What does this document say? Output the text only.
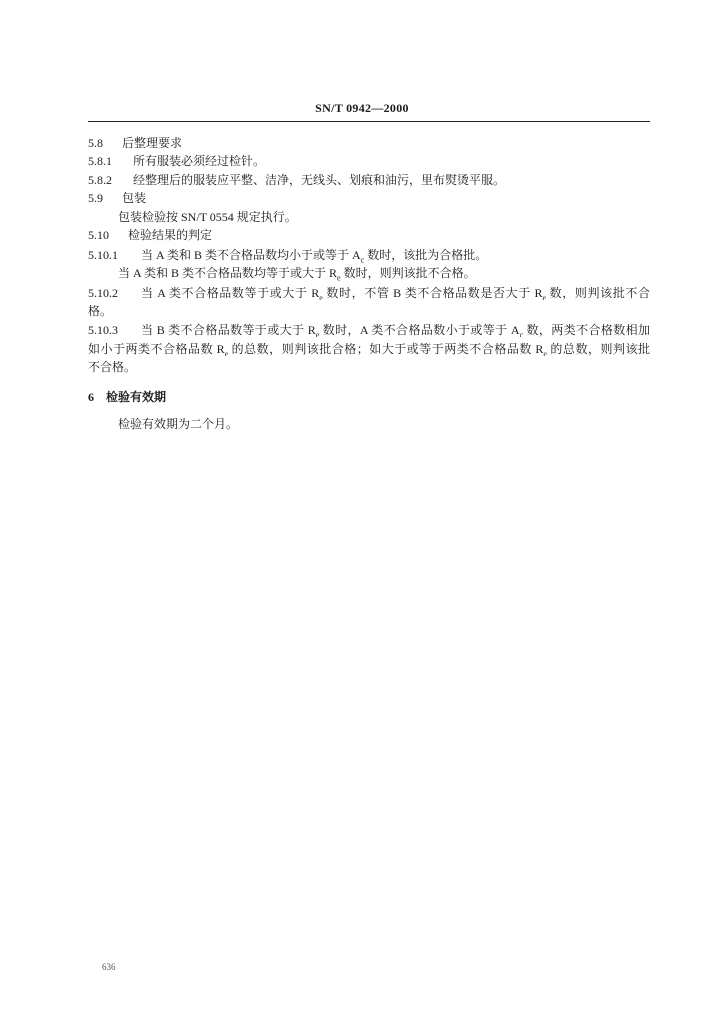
SN/T 0942—2000
5.8 后整理要求
5.8.1 所有服装必须经过检针。
5.8.2 经整理后的服装应平整、洁净，无线头、划痕和油污，里布熨烫平服。
5.9 包装
包装检验按 SN/T 0554 规定执行。
5.10 检验结果的判定
5.10.1 当 A 类和 B 类不合格品数均小于或等于 $A_c$ 数时，该批为合格批。
当 A 类和 B 类不合格品数均等于或大于 $R_e$ 数时，则判该批不合格。
5.10.2 当 A 类不合格品数等于或大于 $R_e$ 数时，不管 B 类不合格品数是否大于 $R_e$ 数，则判该批不合
格。
5.10.3 当 B 类不合格品数等于或大于 $R_e$ 数时，A 类不合格品数小于或等于 $A_c$ 数，两类不合格数相加
如小于两类不合格品数 $R_e$ 的总数，则判该批合格；如大于或等于两类不合格品数 $R_e$ 的总数，则判该批
不合格。
6 检验有效期
检验有效期为二个月。
636
